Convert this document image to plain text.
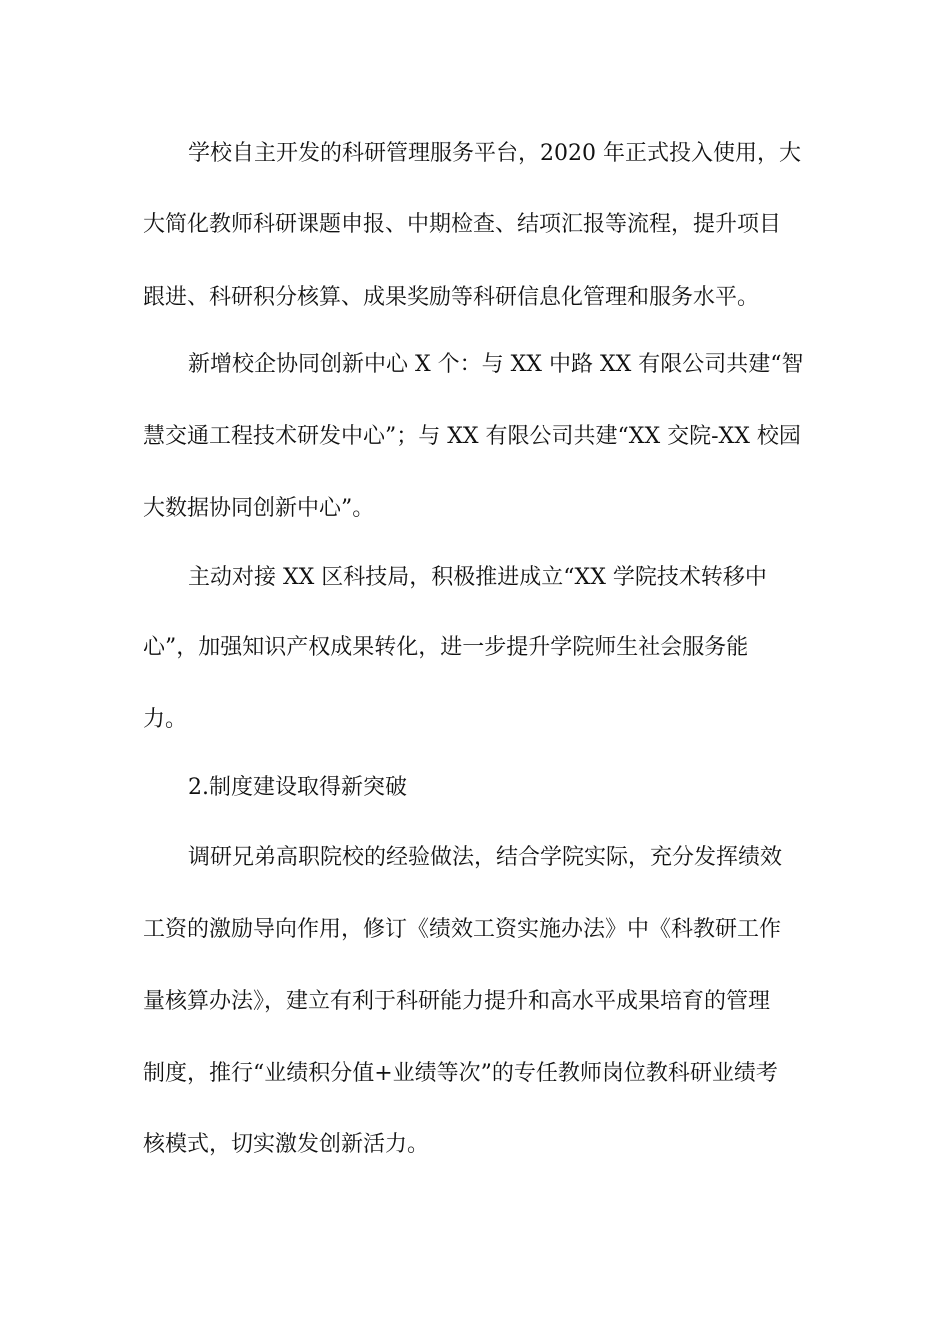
学校自主开发的科研管理服务平台，2020 年正式投入使用，大
大简化教师科研课题申报、中期检查、结项汇报等流程，提升项目
跟进、科研积分核算、成果奖励等科研信息化管理和服务水平。
新增校企协同创新中心 X 个：与 XX 中路 XX 有限公司共建“智
慧交通工程技术研发中心”；与 XX 有限公司共建“XX 交院-XX 校园
大数据协同创新中心”。
主动对接 XX 区科技局，积极推进成立“XX 学院技术转移中
心”，加强知识产权成果转化，进一步提升学院师生社会服务能
力。
2.制度建设取得新突破
调研兄弟高职院校的经验做法，结合学院实际，充分发挥绩效
工资的激励导向作用，修订《绩效工资实施办法》中《科教研工作
量核算办法》，建立有利于科研能力提升和高水平成果培育的管理
制度，推行“业绩积分值+业绩等次”的专任教师岗位教科研业绩考
核模式，切实激发创新活力。
